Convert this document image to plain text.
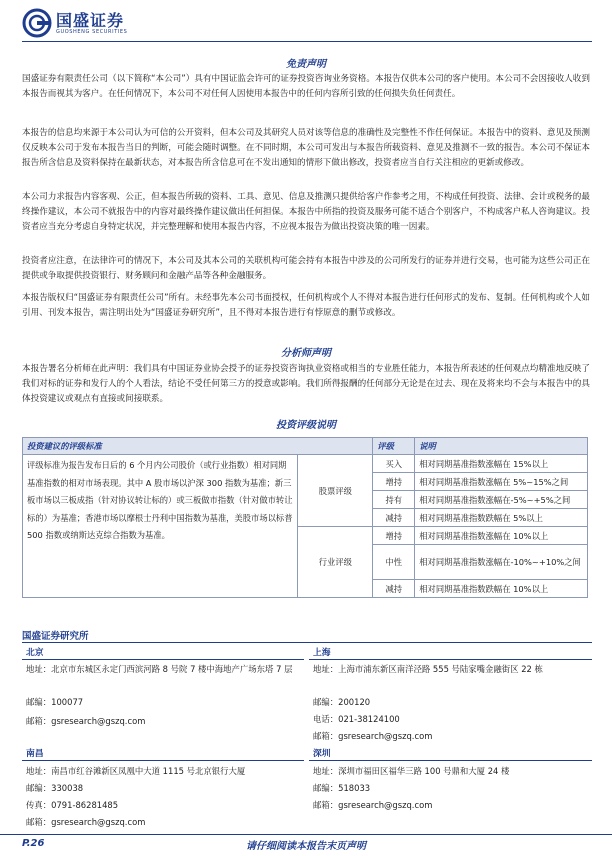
国盛证券
GUOSHENG SECURITIES
免责声明
国盛证券有限责任公司（以下简称“本公司”）具有中国证监会许可的证券投资咨询业务资格。本报告仅供本公司的客户使用。本公司不会因接收人收到本报告而视其为客户。在任何情况下，本公司不对任何人因使用本报告中的任何内容所引致的任何损失负任何责任。
本报告的信息均来源于本公司认为可信的公开资料，但本公司及其研究人员对该等信息的准确性及完整性不作任何保证。本报告中的资料、意见及预测仅反映本公司于发布本报告当日的判断，可能会随时调整。在不同时期，本公司可发出与本报告所载资料、意见及推测不一致的报告。本公司不保证本报告所含信息及资料保持在最新状态，对本报告所含信息可在不发出通知的情形下做出修改，投资者应当自行关注相应的更新或修改。
本公司力求报告内容客观、公正，但本报告所载的资料、工具、意见、信息及推测只提供给客户作参考之用，不构成任何投资、法律、会计或税务的最终操作建议，本公司不就报告中的内容对最终操作建议做出任何担保。本报告中所指的投资及服务可能不适合个别客户，不构成客户私人咨询建议。投资者应当充分考虑自身特定状况，并完整理解和使用本报告内容，不应视本报告为做出投资决策的唯一因素。
投资者应注意，在法律许可的情况下，本公司及其本公司的关联机构可能会持有本报告中涉及的公司所发行的证券并进行交易，也可能为这些公司正在提供或争取提供投资银行、财务顾问和金融产品等各种金融服务。
本报告版权归“国盛证券有限责任公司”所有。未经事先本公司书面授权，任何机构或个人不得对本报告进行任何形式的发布、复制。任何机构或个人如引用、刊发本报告，需注明出处为“国盛证券研究所”，且不得对本报告进行有悖原意的删节或修改。
分析师声明
本报告署名分析师在此声明：我们具有中国证券业协会授予的证券投资咨询执业资格或相当的专业胜任能力，本报告所表述的任何观点均精准地反映了我们对标的证券和发行人的个人看法，结论不受任何第三方的授意或影响。我们所得报酬的任何部分无论是在过去、现在及将来均不会与本报告中的具体投资建议或观点有直接或间接联系。
投资评级说明
投资建议的评级标准		评级	说明
评级标准为报告发布日后的 6 个月内公司股价（或行业指数）相对同期基准指数的相对市场表现。其中 A 股市场以沪深 300 指数为基准；新三板市场以三板成指（针对协议转让标的）或三板做市指数（针对做市转让标的）为基准；香港市场以摩根士丹利中国指数为基准，美股市场以标普 500 指数或纳斯达克综合指数为基准。	股票评级	买入	相对同期基准指数涨幅在 15%以上
		增持	相对同期基准指数涨幅在 5%~15%之间
		持有	相对同期基准指数涨幅在-5%~+5%之间
		减持	相对同期基准指数跌幅在 5%以上
	行业评级	增持	相对同期基准指数涨幅在 10%以上
		中性	相对同期基准指数涨幅在-10%~+10%之间
		减持	相对同期基准指数跌幅在 10%以上
国盛证券研究所
北京
地址：北京市东城区永定门西滨河路 8 号院 7 楼中海地产广场东塔 7 层
邮编：100077
邮箱：gsresearch@gszq.com
上海
地址：上海市浦东新区南洋泾路 555 号陆家嘴金融街区 22 栋
邮编：200120
电话：021-38124100
邮箱：gsresearch@gszq.com
南昌
地址：南昌市红谷滩新区凤凰中大道 1115 号北京银行大厦
邮编：330038
传真：0791-86281485
邮箱：gsresearch@gszq.com
深圳
地址：深圳市福田区福华三路 100 号鼎和大厦 24 楼
邮编：518033
邮箱：gsresearch@gszq.com
P.26	请仔细阅读本报告末页声明
